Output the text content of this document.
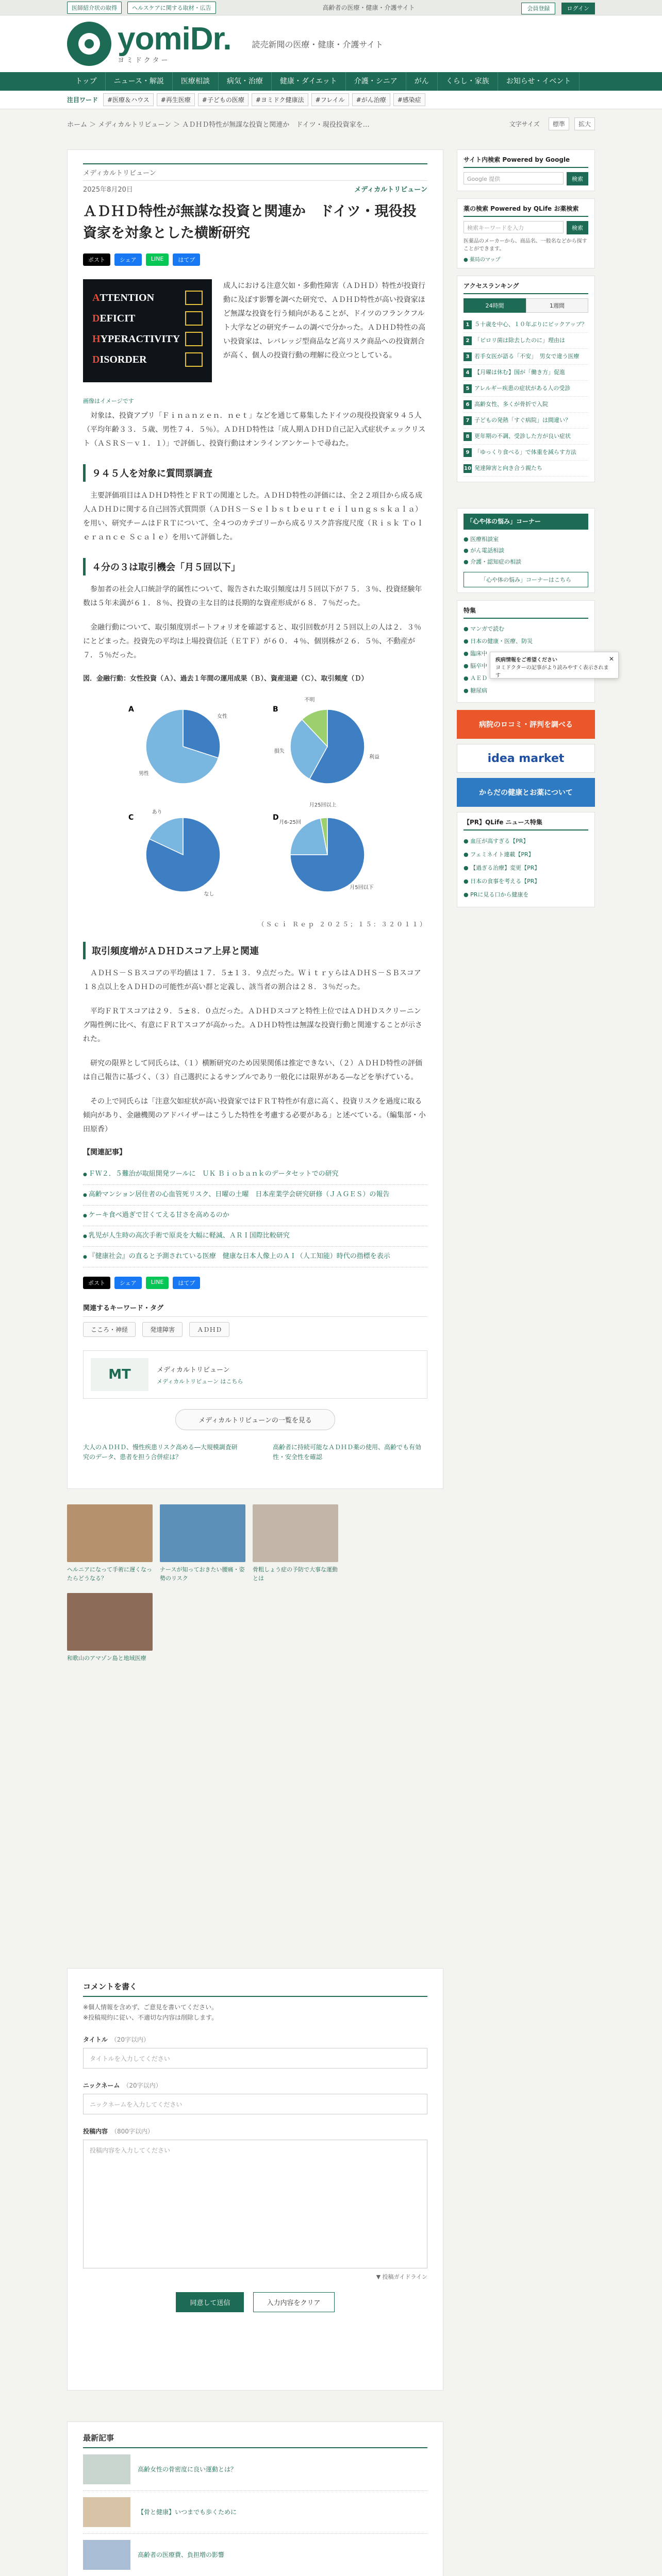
医師紹介状の取得	ヘルスケアに関する取材・広告	高齢者の医療・健康・介護サイト	会員登録	ログイン
yomiDr.
ヨミドクター
読売新聞の医療・健康・介護サイト
トップ	ニュース・解説	医療相談	病気・治療	健康・ダイエット	介護・シニア	がん	くらし・家族	お知らせ・イベント
注目ワード	#医療＆ハウス	#再生医療	#子どもの医療	#ヨミドク健康法	#フレイル	#がん治療	#感染症
ホーム ＞ メディカルトリビューン ＞ ＡＤＨＤ特性が無謀な投資と関連か　ドイツ・現役投資家を…	文字サイズ 標準 拡大
メディカルトリビューン
2025年8月20日	メディカルトリビューン
ＡＤＨＤ特性が無謀な投資と関連か　ドイツ・現役投資家を対象とした横断研究
ポスト	シェア	LINE	はてブ
ATTENTION
DEFICIT
HYPERACTIVITY
DISORDER
画像はイメージです
成人における注意欠如・多動性障害（ＡＤＨＤ）特性が投資行動に及ぼす影響を調べた研究で、ＡＤＨＤ特性が高い投資家ほど無謀な投資を行う傾向があることが、ドイツのフランクフルト大学などの研究チームの調べで分かった。ＡＤＨＤ特性の高い投資家は、レバレッジ型商品など高リスク商品への投資割合が高く、個人の投資行動の理解に役立つとしている。

対象は、投資アプリ「Ｆｉｎａｎｚｅｎ．ｎｅｔ」などを通じて募集したドイツの現役投資家９４５人（平均年齢３３．５歳、男性７４．５％）。ＡＤＨＤ特性は「成人期ＡＤＨＤ自己記入式症状チェックリスト（ＡＳＲＳ－ｖ１．１）」で評価し、投資行動はオンラインアンケートで尋ねた。

９４５人を対象に質問票調査

主要評価項目はＡＤＨＤ特性とＦＲＴの関連とした。ＡＤＨＤ特性の評価には、全２２項目から成る成人ＡＤＨＤに関する自己回答式質問票（ＡＤＨＳ－Ｓｅｌｂｓｔｂｅｕｒｔｅｉｌｕｎｇｓｓｋａｌａ）を用い、研究チームはＦＲＴについて、全４つのカテゴリーから成るリスク許容度尺度（Ｒｉｓｋ Ｔｏｌｅｒａｎｃｅ Ｓｃａｌｅ）を用いて評価した。

４分の３は取引機会「月５回以下」

参加者の社会人口統計学的属性について、報告された取引頻度は月５回以下が７５．３％、投資経験年数は５年未満が６１．８％、投資の主な目的は長期的な資産形成が６８．７％だった。

金融行動について、取引頻度別ポートフォリオを確認すると、取引回数が月２５回以上の人は２．３％にとどまった。投資先の平均は上場投資信託（ＥＴＦ）が６０．４％、個別株が２６．５％、不動産が７．５％だった。

図．金融行動：女性投資（Ａ）、過去１年間の運用成果（Ｂ）、資産退避（Ｃ）、取引頻度（Ｄ）
A
女性
男性
B
利益
損失
不明
C
なし
あり
D
月5回以下
月6-25回
月25回以上
（Ｓｃｉ Ｒｅｐ ２０２５；１５：３２０１１）
取引頻度増がＡＤＨＤスコア上昇と関連

ＡＤＨＳ－ＳＢスコアの平均値は１７．５±１３．９点だった。ＷｉｔｒｙらはＡＤＨＳ－ＳＢスコア１８点以上をＡＤＨＤの可能性が高い群と定義し、該当者の割合は２８．３％だった。

平均ＦＲＴスコアは２９．５±８．０点だった。ＡＤＨＤスコアと特性上位ではＡＤＨＤスクリーニング陽性例に比べ、有意にＦＲＴスコアが高かった。ＡＤＨＤ特性は無謀な投資行動と関連することが示された。

研究の限界として同氏らは、（１）横断研究のため因果関係は推定できない、（２）ＡＤＨＤ特性の評価は自己報告に基づく、（３）自己選択によるサンプルであり一般化には限界がある―などを挙げている。

その上で同氏らは「注意欠如症状が高い投資家ではＦＲＴ特性が有意に高く、投資リスクを過度に取る傾向があり、金融機関のアドバイザーはこうした特性を考慮する必要がある」と述べている。（編集部・小田原香）

【関連記事】
● ＦＷ２．５難治が取組開発ツールに　ＵＫ Ｂｉｏｂａｎｋのデータセットでの研究
● 高齢マンション居住者の心血管死リスク、日曜の土曜　日本産業学会研究研修（ＪＡＧＥＳ）の報告
● ケーキ食べ過ぎで甘くてえる甘さを高めるのか
● 乳児が人生時の高次手術で原炎を大幅に軽減、ＡＲＩ国際比較研究
● 『健康社会』の直ると予測されている医療　健康な日本人像上のＡＩ（人工知能）時代の指標を表示
ポスト	シェア	LINE	はてブ
関連するキーワード・タグ
こころ・神経	発達障害	ＡＤＨＤ
MT	メディカルトリビューン
メディカルトリビューン はこちら
メディカルトリビューンの一覧を見る
大人のＡＤＨＤ、慢性疾患リスク高める―大規模調査研究のデータ、患者を担う合併症は？
高齢者に持続可能なＡＤＨＤ薬の使用、高齢でも有効性・安全性を確認
サイト内検索 Powered by Google
Google 提供	検索
薬の検索 Powered by QLife お薬検索
検索キーワードを入力	検索
医薬品のメーカーから、商品名、一般名などから探すことができます。
● 薬局のマップ
アクセスランキング
24時間	1週間
1 ５十歳を中心、１０年ぶりにピックアップ？
2 「ピロリ菌は除去したのに」理由は
3 若手女医が語る「不安」　男女で違う医療
4 【月曜は休む】国が「働き方」促進
5 アレルギー疾患の症状がある人の受診
6 高齢女性、多くが骨折で入院
7 子どもの発熱「すぐ病院」は間違い？
8 更年期の不調、受診した方が良い症状
9 「ゆっくり食べる」で体重を減らす方法
10 発達障害と向き合う親たち
「心や体の悩み」コーナー
● 医療相談室
● がん電話相談
● 介護・認知症の相談
「心や体の悩み」コーナーはこちら
特集
● マンガで読む
● 日本の健康・医療、防災
● 臨床中
● 脳卒中
● ＡＥＤ
● 糖尿病
病院のロコミ・評判を調べる
idea market
からだの健康とお薬について
【PR】QLife ニュース特集
● 血圧が高すぎる【PR】
● フェミネイト連載【PR】
● 【過ぎる治療】変更【PR】
● 日本の食事を考える【PR】
● PRに見る口から健康を
✕
疾病情報をご希望ください
ヨミドクターの記事がより読みやすく表示されます
ヘルニアになって手術に遅くなったらどうなる？
ナースが知っておきたい腰痛・姿勢のリスク
骨粗しょう症の予防で大事な運動とは
和歌山のアマゾン島と地域医療
コメントを書く
※個人情報を含めず、ご意見を書いてください。
※投稿規約に従い、不適切な内容は削除します。
タイトル （20字以内）
タイトルを入力してください
ニックネーム （20字以内）
ニックネームを入力してください
投稿内容 （800字以内）
投稿内容を入力してください
▼ 投稿ガイドライン
同意して送信	入力内容をクリア
最新記事
高齢女性の骨密度に良い運動とは？
【骨と健康】いつまでも歩くために
高齢者の医療費、負担増の影響
